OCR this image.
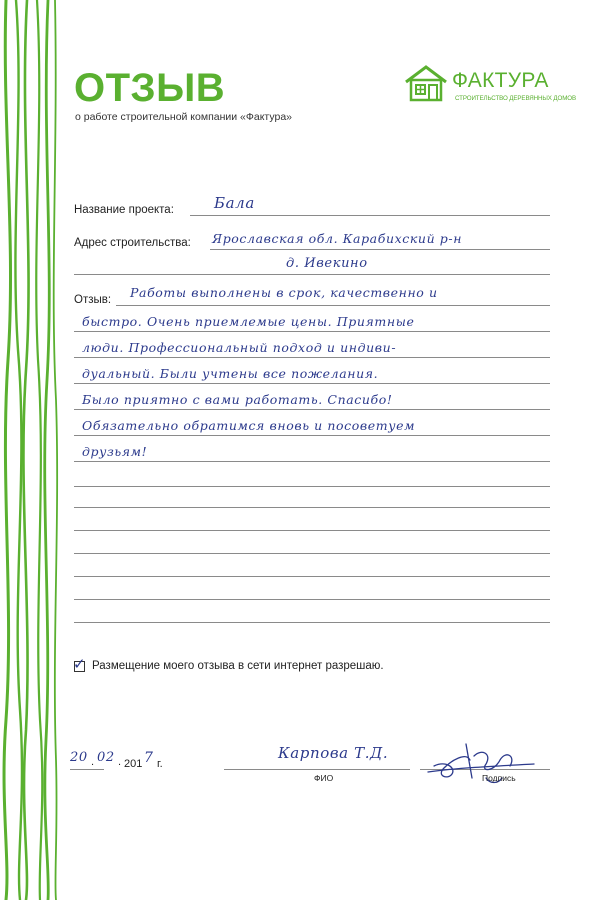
ОТЗЫВ
о работе строительной компании «Фактура»
ФАКТУРА
СТРОИТЕЛЬСТВО ДЕРЕВЯННЫХ ДОМОВ
Название проекта:	Бала
Адрес строительства: Ярославская обл. Карабихский р-н
д. Ивекино
Отзыв: Работы выполнены в срок, качественно и
быстро. Очень приемлемые цены. Приятные
люди. Профессиональный подход и индиви-
дуальный. Были учтены все пожелания.
Было приятно с вами работать. Спасибо!
Обязательно обратимся вновь и посоветуем
друзьям!
✓ Размещение моего отзыва в сети интернет разрешаю.
20 . 02 . 201 7 г.
Карпова Т.Д.
ФИО	Подпись
